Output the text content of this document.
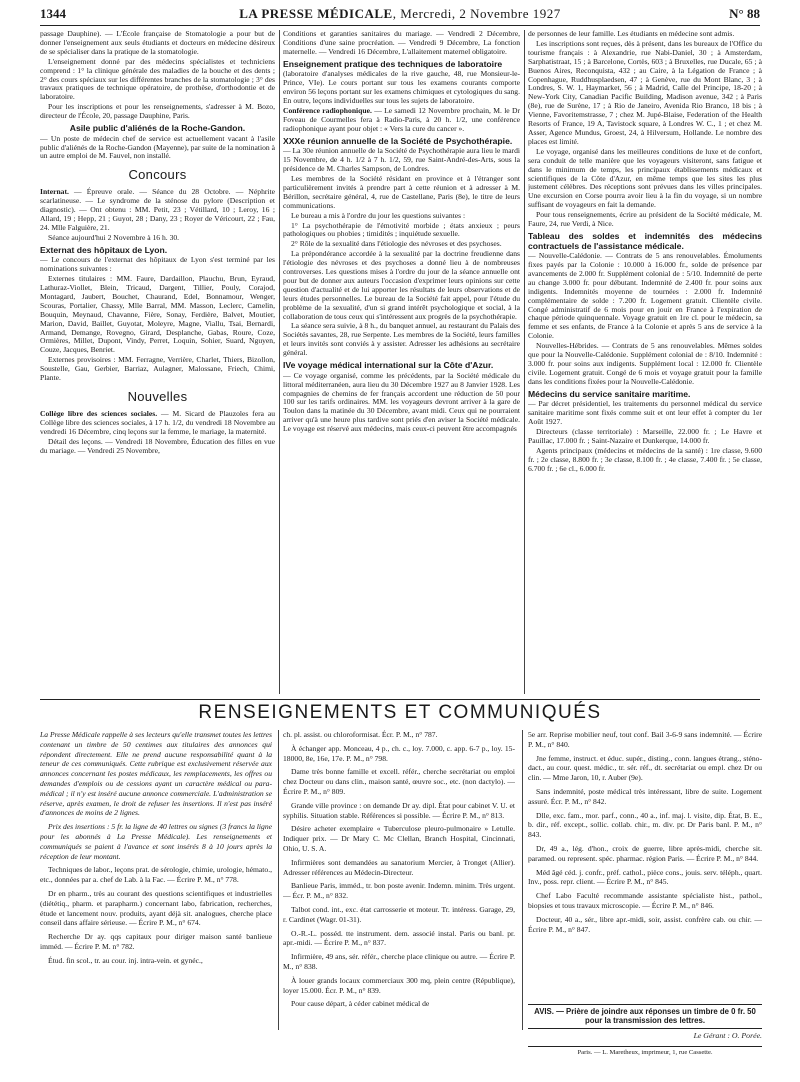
1344	LA PRESSE MÉDICALE, Mercredi, 2 Novembre 1927	N° 88

passage Dauphine). — L'École française de Stomatologie a pour but de donner l'enseignement aux seuls étudiants et docteurs en médecine désireux de se spécialiser dans la pratique de la stomatologie.

L'enseignement donné par des médecins spécialistes et techniciens comprend : 1° la clinique générale des maladies de la bouche et des dents ; 2° des cours spéciaux sur les différentes branches de la stomatologie ; 3° des travaux pratiques de technique opératoire, de prothèse, d'orthodontie et de laboratoire.

Pour les inscriptions et pour les renseignements, s'adresser à M. Bozo, directeur de l'École, 20, passage Dauphine, Paris.

Asile public d'aliénés de la Roche-Gandon.

— Un poste de médecin chef de service est actuellement vacant à l'asile public d'aliénés de la Roche-Gandon (Mayenne), par suite de la nomination à un autre emploi de M. Fauvel, non installé.

Concours

Internat. — Épreuve orale. — Séance du 28 Octobre. — Néphrite scarlatineuse. — Le syndrome de la sténose du pylore (Description et diagnostic). — Ont obtenu : MM. Petit, 23 ; Vétillard, 10 ; Leroy, 16 ; Allard, 19 ; Hepp, 21 ; Guyot, 28 ; Dany, 23 ; Royer de Véricourt, 22 ; Fau, 24. Mlle Falguière, 21.

Séance aujourd'hui 2 Novembre à 16 h. 30.

Externat des hôpitaux de Lyon.

— Le concours de l'externat des hôpitaux de Lyon s'est terminé par les nominations suivantes :

Externes titulaires : MM. Faure, Dardaillon, Plauchu, Brun, Eyraud, Lathuraz-Viollet, Blein, Tricaud, Dargent, Tillier, Pouly, Corajod, Montagard, Jaubert, Bouchet, Chaurand, Edel, Bonnamour, Wenger, Scouras, Portalier, Chassy, Mlle Barral, MM. Masson, Leclerc, Camelin, Bouquin, Meynaud, Chavanne, Fière, Sonay, Ferdière, Balvet, Moutier, Marion, David, Baillet, Guyotat, Moleyre, Magne, Viallu, Tsai, Bernardi, Armand, Demange, Rovegno, Girard, Desplanche, Gabas, Roure, Coze, Ormières, Millet, Dupont, Vindy, Perret, Loquin, Sohier, Suard, Nguyen, Couze, Jacques, Benriet.

Externes provisoires : MM. Ferragne, Verrière, Charlet, Thiers, Bizollon, Soustelle, Gau, Gerbier, Barriaz, Aulagner, Malossane, Friech, Chimi, Plante.

Nouvelles

Collège libre des sciences sociales. — M. Sicard de Plauzoles fera au Collège libre des sciences sociales, à 17 h. 1/2, du vendredi 18 Novembre au vendredi 16 Décembre, cinq leçons sur la femme, le mariage, la maternité.

Détail des leçons. — Vendredi 18 Novembre, Éducation des filles en vue du mariage. — Vendredi 25 Novembre,

Conditions et garanties sanitaires du mariage. — Vendredi 2 Décembre, Conditions d'une saine procréation. — Vendredi 9 Décembre, La fonction maternelle. — Vendredi 16 Décembre, L'allaitement maternel obligatoire.

Enseignement pratique des techniques de laboratoire

(laboratoire d'analyses médicales de la rive gauche, 48, rue Monsieur-le-Prince, VIe). Le cours portant sur tous les examens courants comporte environ 56 leçons portant sur les examens chimiques et cytologiques du sang. En outre, leçons individuelles sur tous les sujets de laboratoire.

Conférence radiophonique. — Le samedi 12 Novembre prochain, M. le Dr Foveau de Courmelles fera à Radio-Paris, à 20 h. 1/2, une conférence radiophonique ayant pour objet : « Vers la cure du cancer ».

XXXe réunion annuelle de la Société de Psychothérapie.

— La 30e réunion annuelle de la Société de Psychothérapie aura lieu le mardi 15 Novembre, de 4 h. 1/2 à 7 h. 1/2, 59, rue Saint-André-des-Arts, sous la présidence de M. Charles Sampson, de Londres.

Les membres de la Société résidant en province et à l'étranger sont particulièrement invités à prendre part à cette réunion et à adresser à M. Bérillon, secrétaire général, 4, rue de Castellane, Paris (8e), le titre de leurs communications.

Le bureau a mis à l'ordre du jour les questions suivantes :

1° La psychothérapie de l'émotivité morbide ; états anxieux ; peurs pathologiques ou phobies ; timidités ; inquiétude sexuelle.

2° Rôle de la sexualité dans l'étiologie des névroses et des psychoses.

La prépondérance accordée à la sexualité par la doctrine freudienne dans l'étiologie des névroses et des psychoses a donné lieu à de nombreuses controverses. Les questions mises à l'ordre du jour de la séance annuelle ont pour but de donner aux auteurs l'occasion d'exprimer leurs opinions sur cette question d'actualité et de lui apporter les résultats de leurs observations et de leurs études personnelles. Le bureau de la Société fait appel, pour l'étude du problème de la sexualité, d'un si grand intérêt psychologique et social, à la collaboration de tous ceux qui s'intéressent aux progrès de la psychothérapie.

La séance sera suivie, à 8 h., du banquet annuel, au restaurant du Palais des Sociétés savantes, 28, rue Serpente. Les membres de la Société, leurs familles et leurs invités sont conviés à y assister. Adresser les adhésions au secrétaire général.

IVe voyage médical international sur la Côte d'Azur.

— Ce voyage organisé, comme les précédents, par la Société médicale du littoral méditerranéen, aura lieu du 30 Décembre 1927 au 8 Janvier 1928. Les compagnies de chemins de fer français accordent une réduction de 50 pour 100 sur les tarifs ordinaires. MM. les voyageurs devront arriver à la gare de Toulon dans la matinée du 30 Décembre, avant midi. Ceux qui ne pourraient arriver qu'à une heure plus tardive sont priés d'en aviser la Société médicale. Le voyage est réservé aux médecins, mais ceux-ci peuvent être accompagnés

de personnes de leur famille. Les étudiants en médecine sont admis.

Les inscriptions sont reçues, dès à présent, dans les bureaux de l'Office du tourisme français : à Alexandrie, rue Nabi-Daniel, 30 ; à Amsterdam, Sarphatistraat, 15 ; à Barcelone, Cortès, 603 ; à Bruxelles, rue Ducale, 65 ; à Buenos Aires, Reconquista, 432 ; au Caire, à la Légation de France ; à Copenhague, Ruddhusplaedsen, 47 ; à Genève, rue du Mont Blanc, 3 ; à Londres, S. W. 1, Haymarket, 56 ; à Madrid, Calle del Principe, 18-20 ; à New-York City, Canadian Pacific Building, Madison avenue, 342 ; à Paris (8e), rue de Surène, 17 ; à Rio de Janeiro, Avenida Rio Branco, 18 bis ; à Vienne, Favoritemstrasse, 7 ; chez M. Jupé-Blaise, Federation of the Health Resorts of France, 19 A, Tavistock square, à Londres W. C., 1 ; et chez M. Asser, Agence Mundus, Groest, 24, à Hilversum, Hollande. Le nombre des places est limité.

Le voyage, organisé dans les meilleures conditions de luxe et de confort, sera conduit de telle manière que les voyageurs visiteront, sans fatigue et dans le minimum de temps, les principaux établissements médicaux et scientifiques de la Côte d'Azur, en même temps que les sites les plus justement célèbres. Des réceptions sont prévues dans les villes principales. Une excursion en Corse pourra avoir lieu à la fin du voyage, si un nombre suffisant de voyageurs en fait la demande.

Pour tous renseignements, écrire au président de la Société médicale, M. Faure, 24, rue Verdi, à Nice.

Tableau des soldes et indemnités des médecins contractuels de l'assistance médicale.

— Nouvelle-Calédonie. — Contrats de 5 ans renouvelables. Émoluments fixes payés par la Colonie : 10.000 à 16.000 fr., solde de présence par avancements de 2.000 fr. Supplément colonial de : 5/10. Indemnité de perte au change 3.000 fr. pour débutant. Indemnité de 2.400 fr. pour soins aux indigents. Indemnités moyenne de tournées : 2.000 fr. Indemnité complémentaire de solde : 7.200 fr. Logement gratuit. Clientèle civile. Congé administratif de 6 mois pour en jouir en France à l'expiration de chaque période quinquennale. Voyage gratuit en 1re cl. pour le médecin, sa femme et ses enfants, de France à la Colonie et après 5 ans de service à la Colonie.

Nouvelles-Hébrides. — Contrats de 5 ans renouvelables. Mêmes soldes que pour la Nouvelle-Calédonie. Supplément colonial de : 8/10. Indemnité : 3.000 fr. pour soins aux indigents. Supplément local : 12.000 fr. Clientèle civile. Logement gratuit. Congé de 6 mois et voyage gratuit pour la famille dans les conditions fixées pour la Nouvelle-Calédonie.

Médecins du service sanitaire maritime.

— Par décret présidentiel, les traitements du personnel médical du service sanitaire maritime sont fixés comme suit et ont leur effet à compter du 1er Août 1927.

Directeurs (classe territoriale) : Marseille, 22.000 fr. ; Le Havre et Pauillac, 17.000 fr. ; Saint-Nazaire et Dunkerque, 14.000 fr.

Agents principaux (médecins et médecins de la santé) : 1re classe, 9.600 fr. ; 2e classe, 8.800 fr. ; 3e classe, 8.100 fr. ; 4e classe, 7.400 fr. ; 5e classe, 6.700 fr. ; 6e cl., 6.000 fr.

RENSEIGNEMENTS ET COMMUNIQUÉS

La Presse Médicale rappelle à ses lecteurs qu'elle transmet toutes les lettres contenant un timbre de 50 centimes aux titulaires des annonces qui répondent directement. Elle ne prend aucune responsabilité quant à la teneur de ces communiqués. Cette rubrique est exclusivement réservée aux annonces concernant les postes médicaux, les remplacements, les offres ou demandes d'emplois ou de cessions ayant un caractère médical ou para-médical ; il n'y est inséré aucune annonce commerciale. L'administration se réserve, après examen, le droit de refuser les insertions. Il n'est pas inséré d'annonces de moins de 2 lignes.

Prix des insertions : 5 fr. la ligne de 40 lettres ou signes (3 francs la ligne pour les abonnés à La Presse Médicale). Les renseignements et communiqués se paient à l'avance et sont insérés 8 à 10 jours après la réception de leur montant.

Techniques de labor., leçons prat. de sérologie, chimie, urologie, hémato., etc., données par a. chef de Lab. à la Fac. — Écrire P. M., n° 778.

Dr en pharm., très au courant des questions scientifiques et industrielles (diététiq., pharm. et parapharm.) concernant labo, fabrication, recherches, étude et lancement nouv. produits, ayant déjà sit. analogues, cherche place conseil dans affaire sérieuse. — Écrire P. M., n° 674.

Recherche Dr ay. qqs capitaux pour diriger maison santé banlieue imméd. — Écrire P. M. n° 782.

Étud. fin scol., tr. au cour. inj. intra-vein. et gynéc.,

ch. pl. assist. ou chloroformisat. Écr. P. M., n° 787.

À échanger app. Monceau, 4 p., ch. c., loy. 7.000, c. app. 6-7 p., loy. 15-18000, 8e, 16e, 17e. P. M., n° 798.

Dame très bonne famille et excell. référ., cherche secrétariat ou emploi chez Docteur ou dans clin., maison santé, œuvre soc., etc. (non dactylo). — Écrire P. M., n° 809.

Grande ville province : on demande Dr ay. dipl. État pour cabinet V. U. et syphilis. Situation stable. Références si possible. — Écrire P. M., n° 813.

Désire acheter exemplaire « Tuberculose pleuro-pulmonaire » Letulle. Indiquer prix. — Dr Mary C. Mc Clellan, Branch Hospital, Cincinnati, Ohio, U. S. A.

Infirmières sont demandées au sanatorium Mercier, à Tronget (Allier). Adresser références au Médecin-Directeur.

Banlieue Paris, imméd., tr. bon poste avenir. Indemn. minim. Très urgent. — Écr. P. M., n° 832.

Talbot cond. int., exc. état carrosserie et moteur. Tr. intéress. Garage, 29, r. Cardinet (Wagr. 01-31).

O.-R.-L. posséd. tte instrument. dem. associé instal. Paris ou banl. pr. apr.-midi. — Écrire P. M., n° 837.

Infirmière, 49 ans, sér. référ., cherche place clinique ou autre. — Écrire P. M., n° 838.

À louer grands locaux commerciaux 300 mq, plein centre (République), loyer 15.000. Écr. P. M., n° 839.

Pour cause départ, à céder cabinet médical de

5e arr. Reprise mobilier neuf, tout conf. Bail 3-6-9 sans indemnité. — Écrire P. M., n° 840.

Jne femme, instruct. et éduc. supér., disting., conn. langues étrang., sténo-dact., au cour. quest. médic., tr. sér. réf., dt. secrétariat ou empl. chez Dr ou clin. — Mme Jaron, 10, r. Auber (9e).

Sans indemnité, poste médical très intéressant, libre de suite. Logement assuré. Écr. P. M., n° 842.

Dlle, exc. fam., mor. parf., conn., 40 a., inf. maj. l. visite, dip. État, B. E., b. dir., réf. except., sollic. collab. chir., m. div. pr. Dr Paris banl. P. M., n° 843.

Dr, 49 a., lég. d'hon., croix de guerre, libre après-midi, cherche sit. paramed. ou represent. spéc. pharmac. région Paris. — Écrire P. M., n° 844.

Méd âgé céd. j. confr., préf. cathol., pièce cons., jouis. serv. téléph., quart. Inv., poss. repr. client. — Écrire P. M., n° 845.

Chef Labo Faculté recommande assistante spécialiste hist., pathol., biopsies et tous travaux microscopie. — Écrire P. M., n° 846.

Docteur, 40 a., sér., libre apr.-midi, soir, assist. confrère cab. ou chir. — Écrire P. M., n° 847.

AVIS. — Prière de joindre aux réponses un timbre de 0 fr. 50 pour la transmission des lettres.
Le Gérant : O. Porée.
Paris. — L. Maretheux, imprimeur, 1, rue Cassette.
